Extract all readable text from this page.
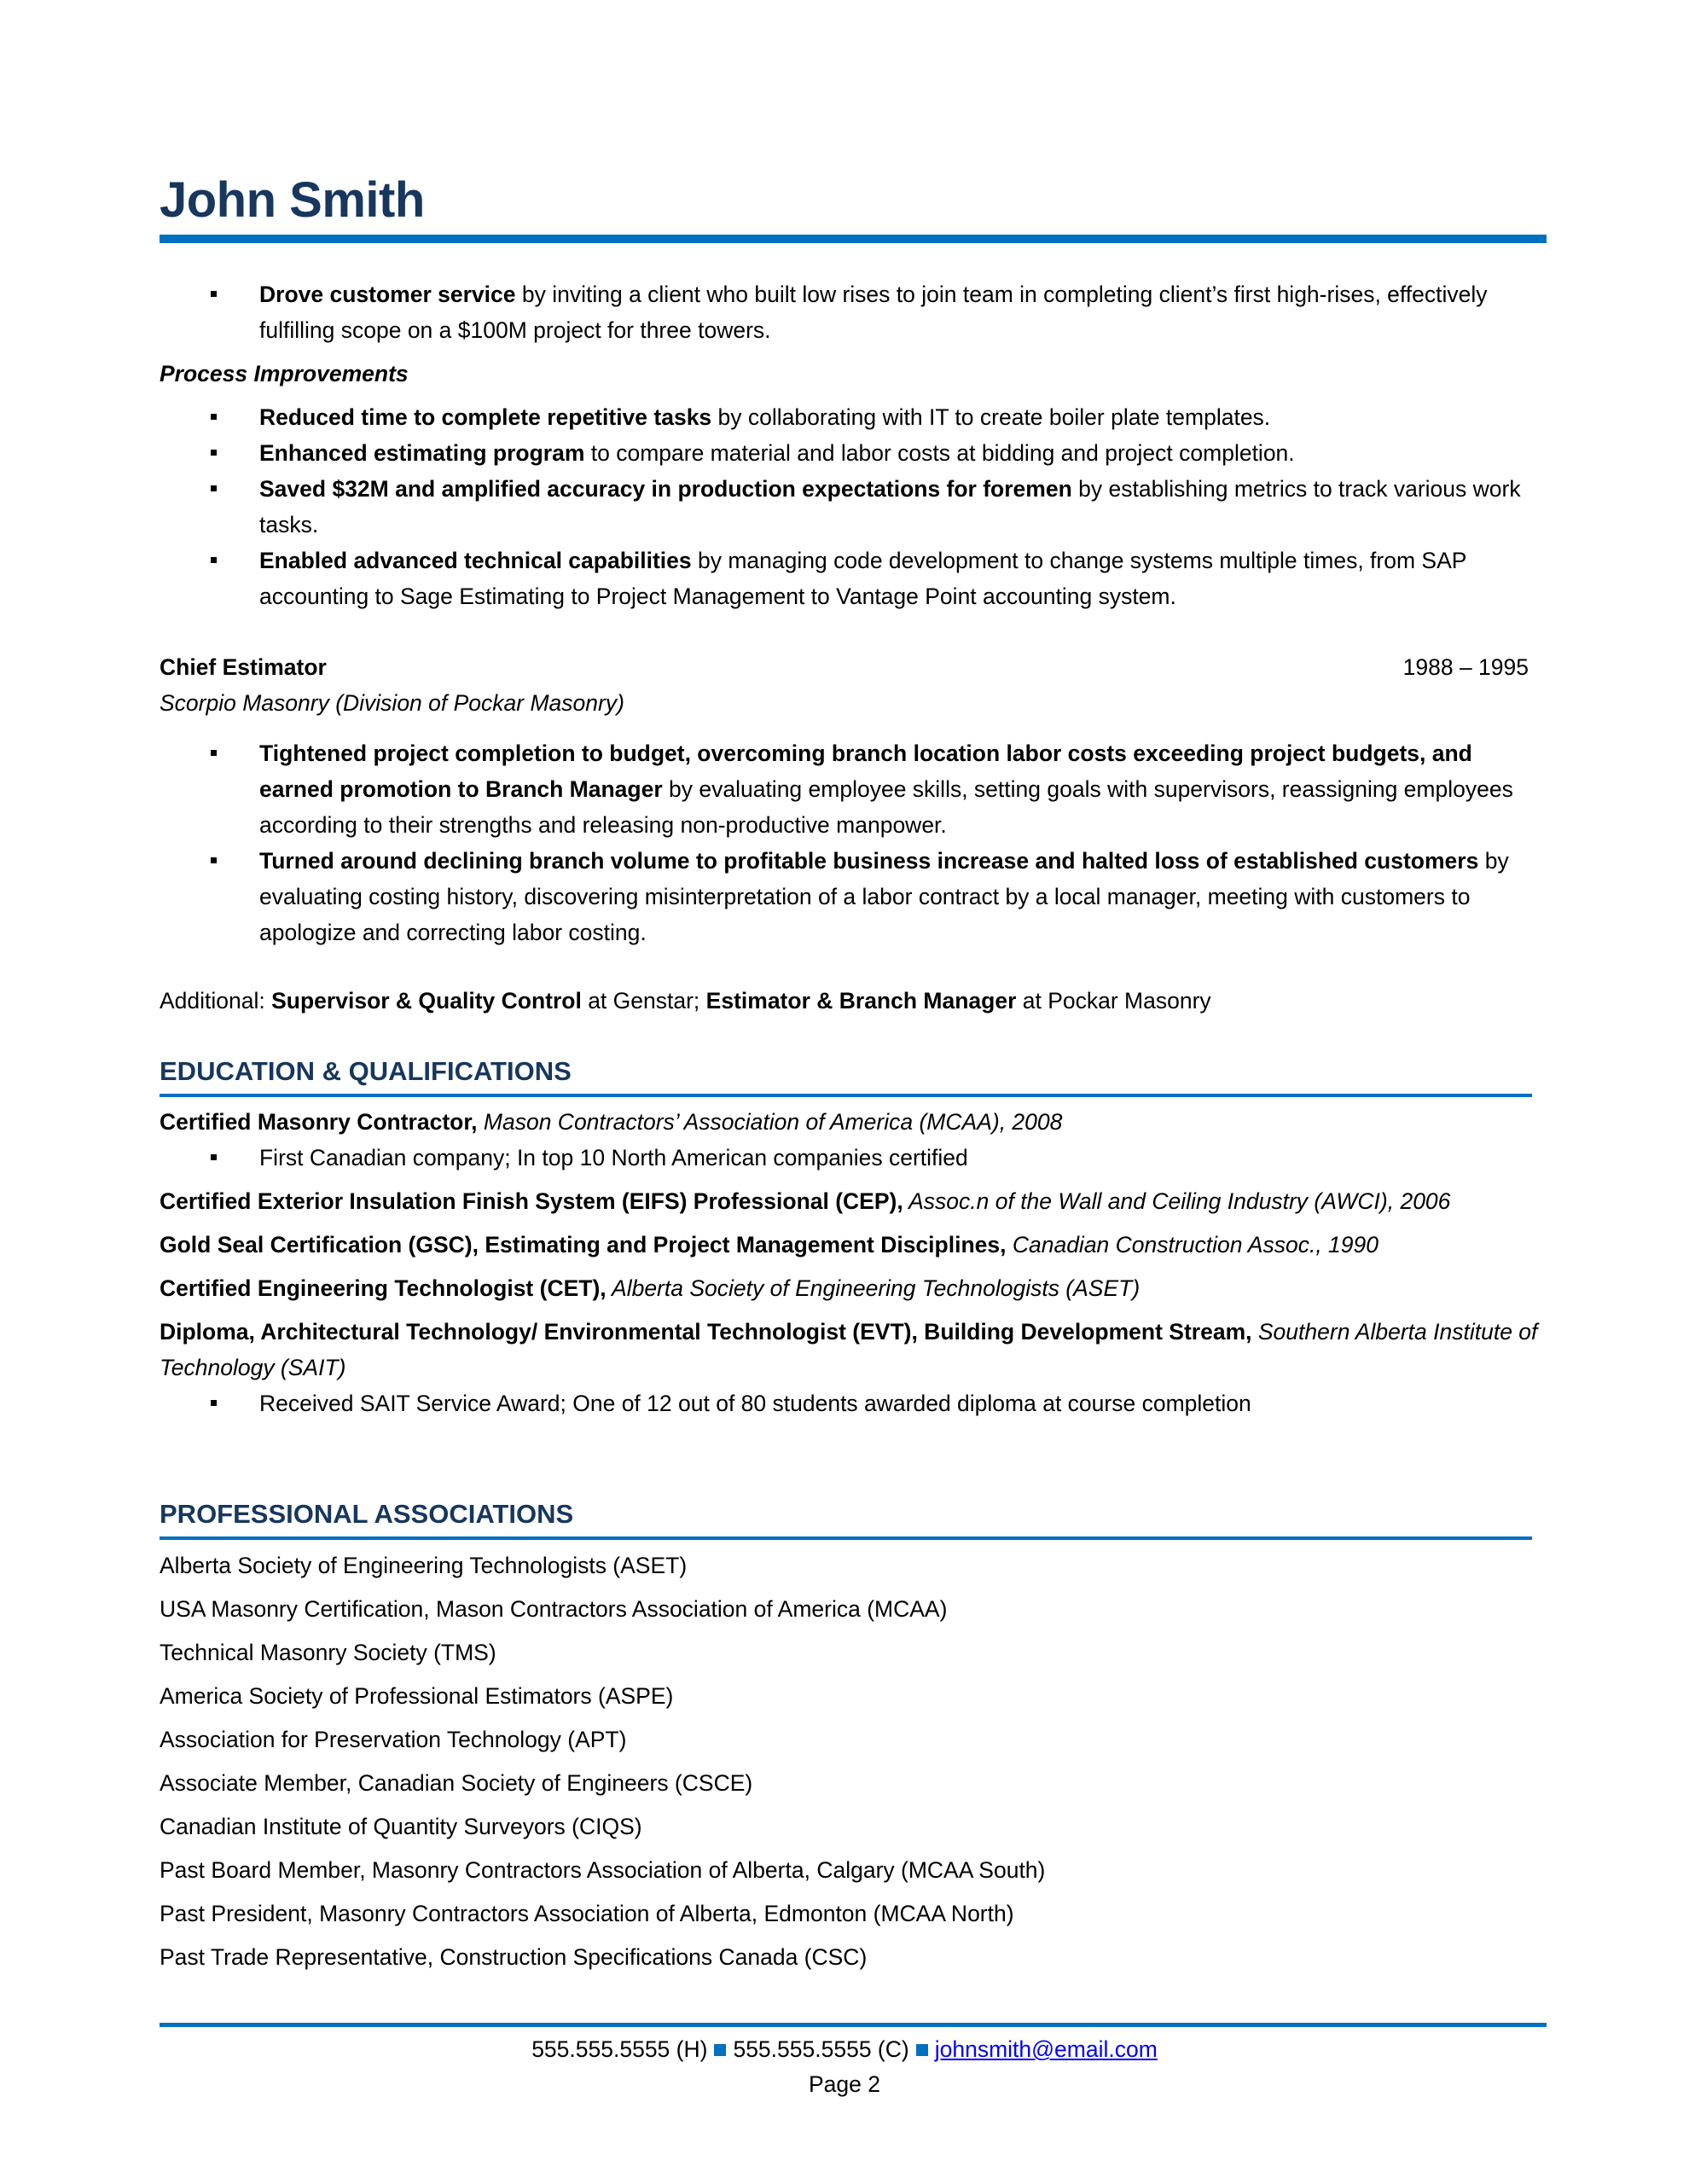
John Smith
Drove customer service by inviting a client who built low rises to join team in completing client’s first high-rises, effectively fulfilling scope on a $100M project for three towers.
Process Improvements
Reduced time to complete repetitive tasks by collaborating with IT to create boiler plate templates.
Enhanced estimating program to compare material and labor costs at bidding and project completion.
Saved $32M and amplified accuracy in production expectations for foremen by establishing metrics to track various work tasks.
Enabled advanced technical capabilities by managing code development to change systems multiple times, from SAP accounting to Sage Estimating to Project Management to Vantage Point accounting system.
Chief Estimator	1988 – 1995
Scorpio Masonry (Division of Pockar Masonry)
Tightened project completion to budget, overcoming branch location labor costs exceeding project budgets, and earned promotion to Branch Manager by evaluating employee skills, setting goals with supervisors, reassigning employees according to their strengths and releasing non-productive manpower.
Turned around declining branch volume to profitable business increase and halted loss of established customers by evaluating costing history, discovering misinterpretation of a labor contract by a local manager, meeting with customers to apologize and correcting labor costing.
Additional: Supervisor & Quality Control at Genstar; Estimator & Branch Manager at Pockar Masonry
EDUCATION & QUALIFICATIONS
Certified Masonry Contractor, Mason Contractors’ Association of America (MCAA), 2008
First Canadian company; In top 10 North American companies certified
Certified Exterior Insulation Finish System (EIFS) Professional (CEP), Assoc.n of the Wall and Ceiling Industry (AWCI), 2006
Gold Seal Certification (GSC), Estimating and Project Management Disciplines, Canadian Construction Assoc., 1990
Certified Engineering Technologist (CET), Alberta Society of Engineering Technologists (ASET)
Diploma, Architectural Technology/ Environmental Technologist (EVT), Building Development Stream, Southern Alberta Institute of Technology (SAIT)
Received SAIT Service Award; One of 12 out of 80 students awarded diploma at course completion
PROFESSIONAL ASSOCIATIONS
Alberta Society of Engineering Technologists (ASET)
USA Masonry Certification, Mason Contractors Association of America (MCAA)
Technical Masonry Society (TMS)
America Society of Professional Estimators (ASPE)
Association for Preservation Technology (APT)
Associate Member, Canadian Society of Engineers (CSCE)
Canadian Institute of Quantity Surveyors (CIQS)
Past Board Member, Masonry Contractors Association of Alberta, Calgary (MCAA South)
Past President, Masonry Contractors Association of Alberta, Edmonton (MCAA North)
Past Trade Representative, Construction Specifications Canada (CSC)
555.555.5555 (H) 555.555.5555 (C) johnsmith@email.com
Page 2
